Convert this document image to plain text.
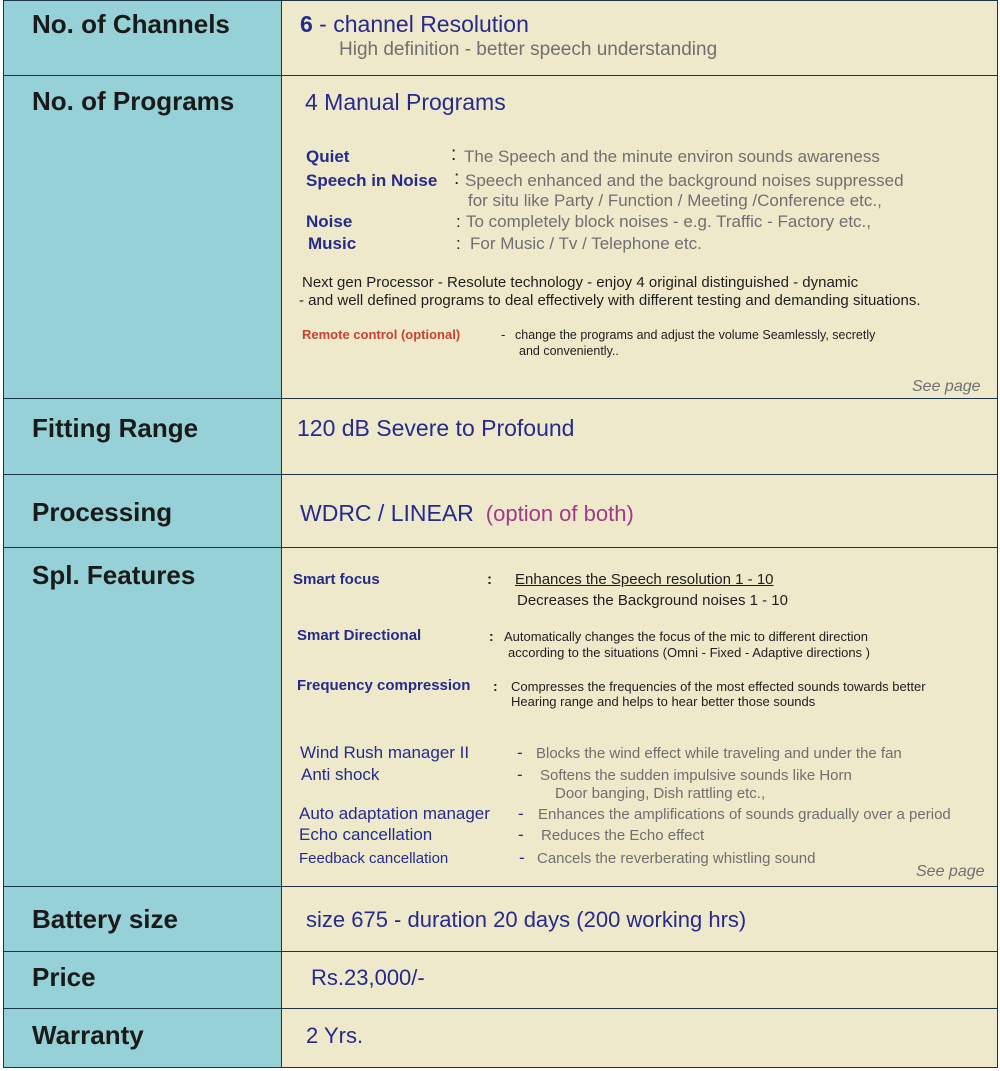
No. of Channels	6 - channel Resolution
High definition - better speech understanding
No. of Programs	4 Manual Programs
Quiet	: The Speech and the minute environ sounds awareness
Speech in Noise : Speech enhanced and the background noises suppressed
for situ like Party / Function / Meeting /Conference etc.,
Noise	: To completely block noises - e.g. Traffic - Factory etc.,
Music	: For Music / Tv / Telephone etc.
Next gen Processor - Resolute technology - enjoy 4 original distinguished - dynamic
- and well defined programs to deal effectively with different testing and demanding situations.
Remote control (optional)	- change the programs and adjust the volume Seamlessly, secretly
and conveniently..
See page
Fitting Range	120 dB Severe to Profound
Processing	WDRC / LINEAR (option of both)
Spl. Features	Smart focus	: Enhances the Speech resolution 1 - 10
Decreases the Background noises 1 - 10
Smart Directional	: Automatically changes the focus of the mic to different direction
according to the situations (Omni - Fixed - Adaptive directions )
Frequency compression : Compresses the frequencies of the most effected sounds towards better
Hearing range and helps to hear better those sounds
Wind Rush manager II	- Blocks the wind effect while traveling and under the fan
Anti shock	- Softens the sudden impulsive sounds like Horn
Door banging, Dish rattling etc.,
Auto adaptation manager - Enhances the amplifications of sounds gradually over a period
Echo cancellation	- Reduces the Echo effect
Feedback cancellation	- Cancels the reverberating whistling sound
See page
Battery size	size 675 - duration 20 days (200 working hrs)
Price	Rs.23,000/-
Warranty	2 Yrs.
